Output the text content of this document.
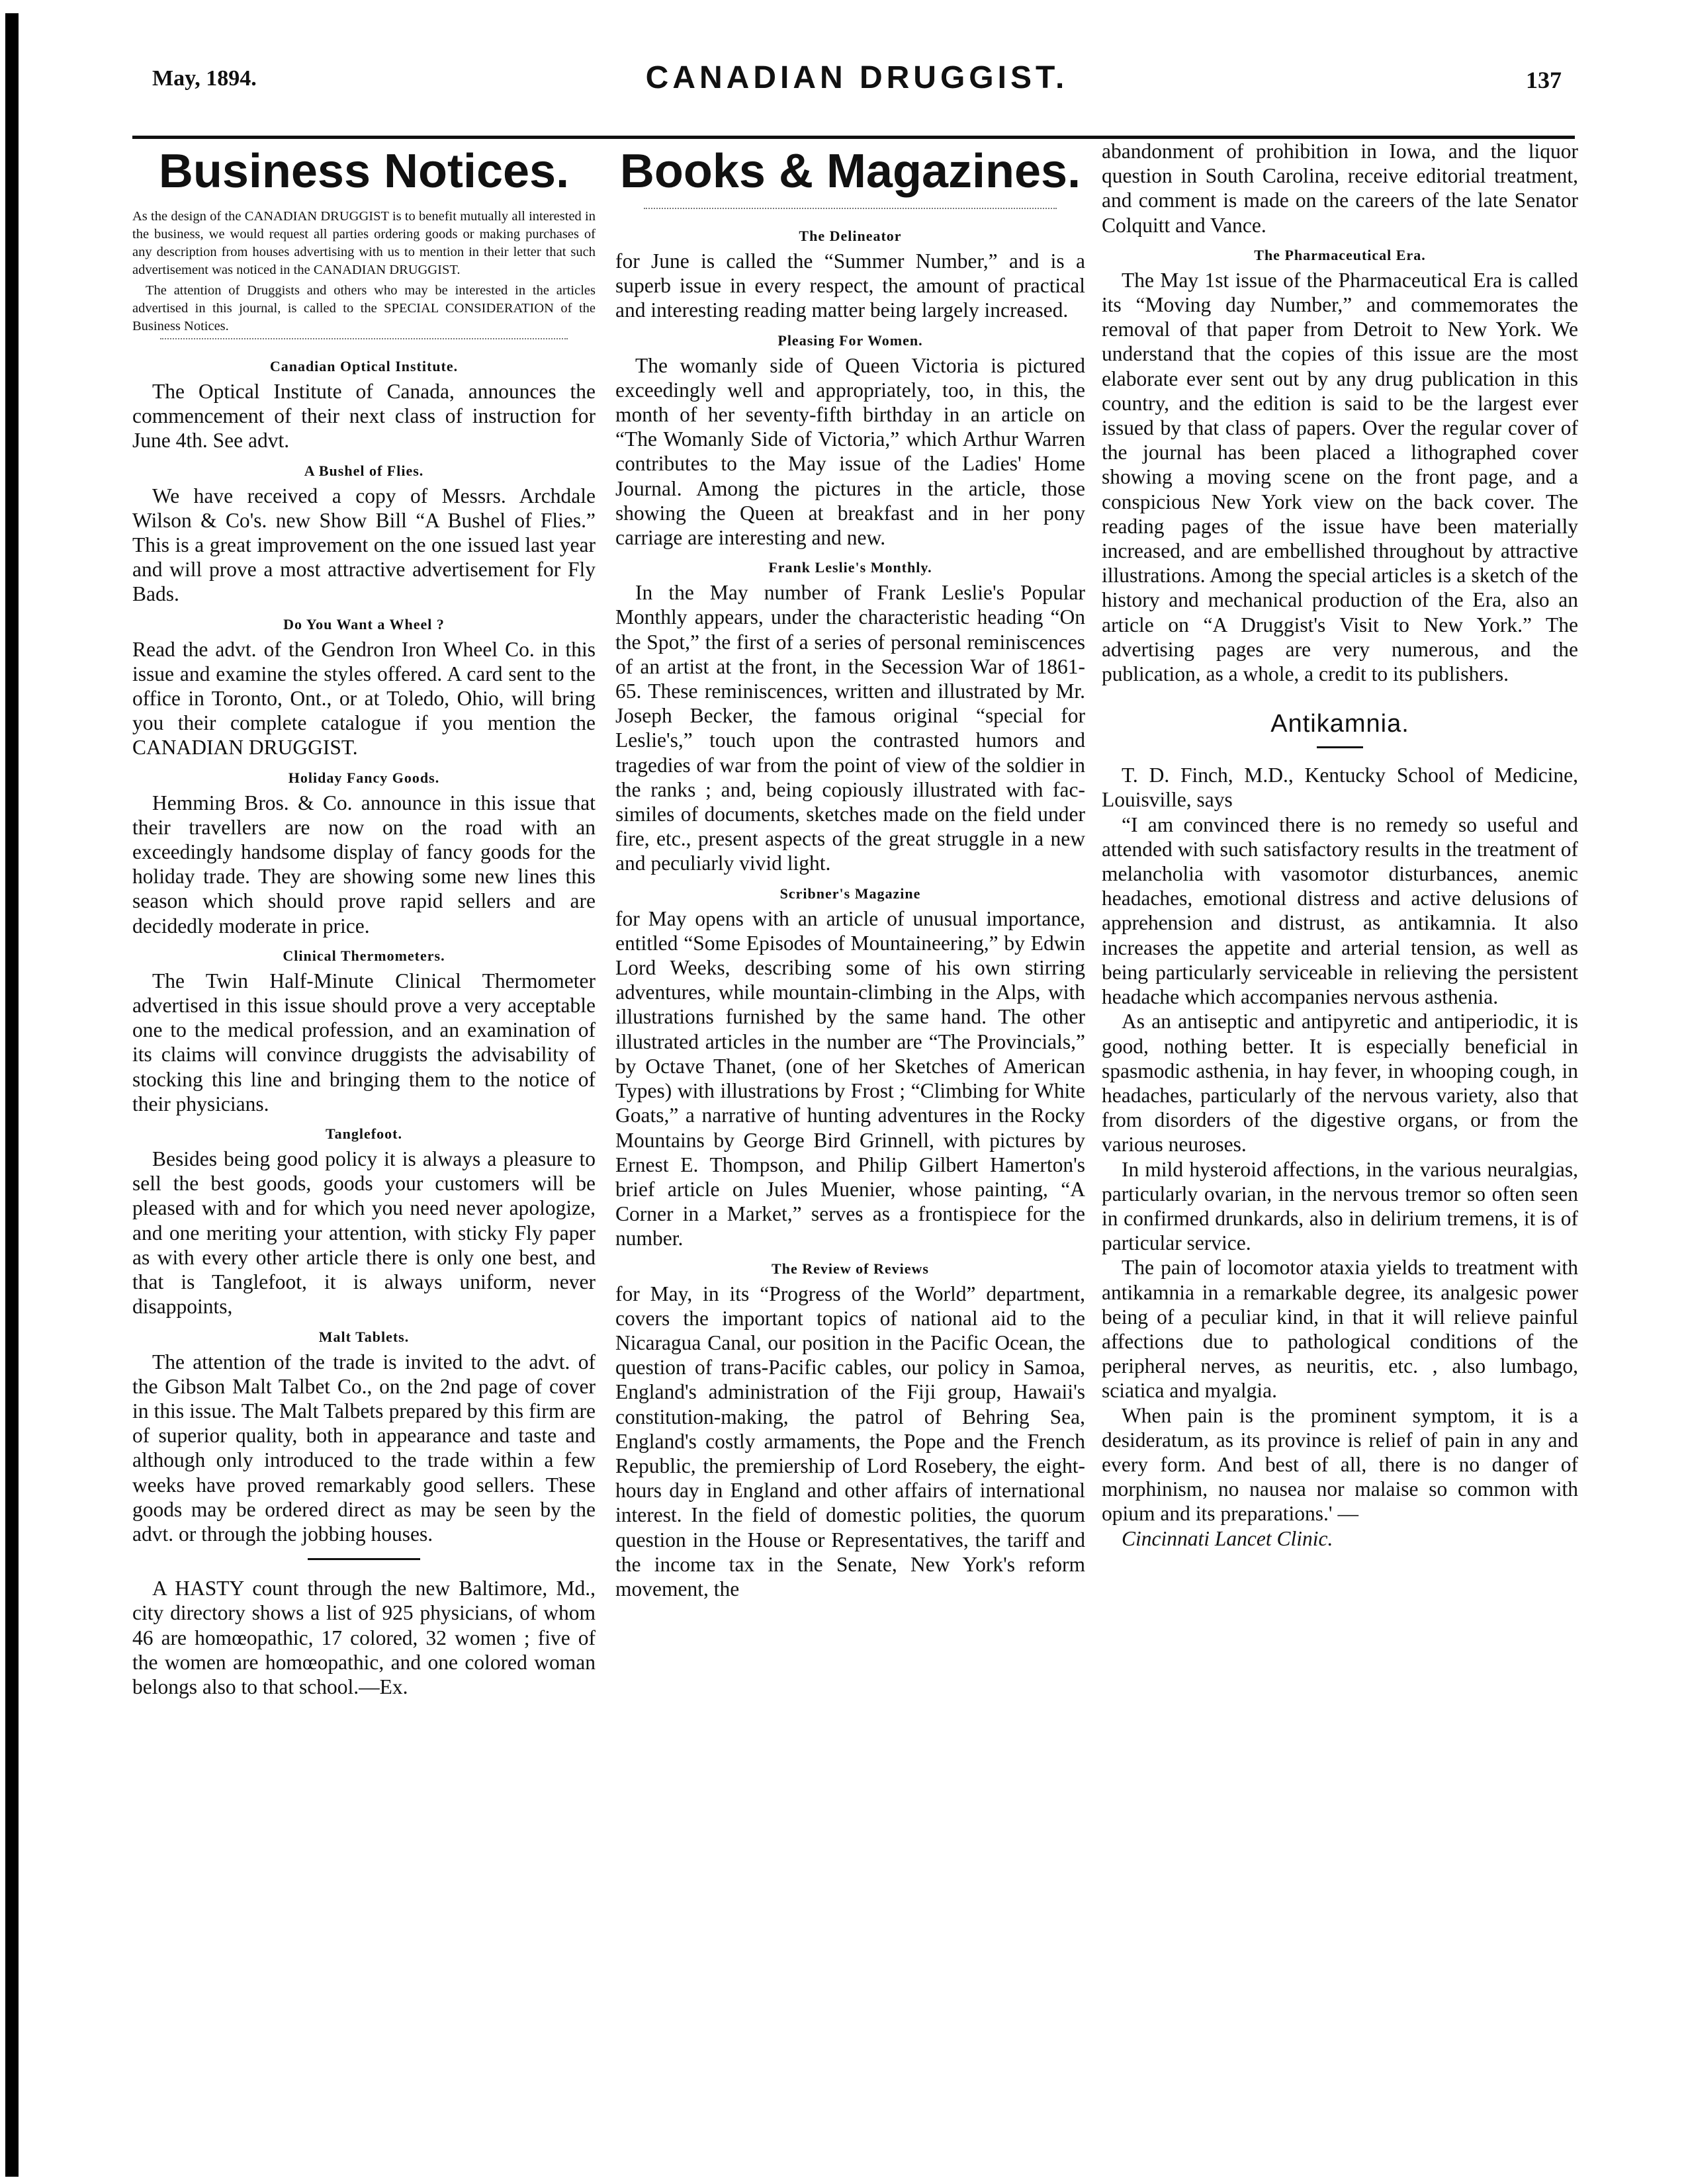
May, 1894.	CANADIAN DRUGGIST.	137
Business Notices.

As the design of the CANADIAN DRUGGIST is to benefit mutually all interested in the business, we would request all parties ordering goods or making purchases of any description from houses advertising with us to mention in their letter that such advertisement was noticed in the CANADIAN DRUGGIST.

The attention of Druggists and others who may be interested in the articles advertised in this journal, is called to the SPECIAL CONSIDERATION of the Business Notices.

Canadian Optical Institute.

The Optical Institute of Canada, announces the commencement of their next class of instruction for June 4th. See advt.

A Bushel of Flies.

We have received a copy of Messrs. Archdale Wilson & Co's. new Show Bill “A Bushel of Flies.” This is a great improvement on the one issued last year and will prove a most attractive advertisement for Fly Bads.

Do You Want a Wheel ?

Read the advt. of the Gendron Iron Wheel Co. in this issue and examine the styles offered. A card sent to the office in Toronto, Ont., or at Toledo, Ohio, will bring you their complete catalogue if you mention the CANADIAN DRUGGIST.

Holiday Fancy Goods.

Hemming Bros. & Co. announce in this issue that their travellers are now on the road with an exceedingly handsome display of fancy goods for the holiday trade. They are showing some new lines this season which should prove rapid sellers and are decidedly moderate in price.

Clinical Thermometers.

The Twin Half-Minute Clinical Thermometer advertised in this issue should prove a very acceptable one to the medical profession, and an examination of its claims will convince druggists the advisability of stocking this line and bringing them to the notice of their physicians.

Tanglefoot.

Besides being good policy it is always a pleasure to sell the best goods, goods your customers will be pleased with and for which you need never apologize, and one meriting your attention, with sticky Fly paper as with every other article there is only one best, and that is Tanglefoot, it is always uniform, never disappoints,

Malt Tablets.

The attention of the trade is invited to the advt. of the Gibson Malt Talbet Co., on the 2nd page of cover in this issue. The Malt Talbets prepared by this firm are of superior quality, both in appearance and taste and although only introduced to the trade within a few weeks have proved remarkably good sellers. These goods may be ordered direct as may be seen by the advt. or through the jobbing houses.

A HASTY count through the new Baltimore, Md., city directory shows a list of 925 physicians, of whom 46 are homœopathic, 17 colored, 32 women ; five of the women are homœopathic, and one colored woman belongs also to that school.—Ex.

Books & Magazines.
The Delineator

for June is called the “Summer Number,” and is a superb issue in every respect, the amount of practical and interesting reading matter being largely increased.

Pleasing For Women.

The womanly side of Queen Victoria is pictured exceedingly well and appropriately, too, in this, the month of her seventy-fifth birthday in an article on “The Womanly Side of Victoria,” which Arthur Warren contributes to the May issue of the Ladies' Home Journal. Among the pictures in the article, those showing the Queen at breakfast and in her pony carriage are interesting and new.

Frank Leslie's Monthly.

In the May number of Frank Leslie's Popular Monthly appears, under the characteristic heading “On the Spot,” the first of a series of personal reminiscences of an artist at the front, in the Secession War of 1861-65. These reminiscences, written and illustrated by Mr. Joseph Becker, the famous original “special for Leslie's,” touch upon the contrasted humors and tragedies of war from the point of view of the soldier in the ranks ; and, being copiously illustrated with fac-similes of documents, sketches made on the field under fire, etc., present aspects of the great struggle in a new and peculiarly vivid light.

Scribner's Magazine

for May opens with an article of unusual importance, entitled “Some Episodes of Mountaineering,” by Edwin Lord Weeks, describing some of his own stirring adventures, while mountain-climbing in the Alps, with illustrations furnished by the same hand. The other illustrated articles in the number are “The Provincials,” by Octave Thanet, (one of her Sketches of American Types) with illustrations by Frost ; “Climbing for White Goats,” a narrative of hunting adventures in the Rocky Mountains by George Bird Grinnell, with pictures by Ernest E. Thompson, and Philip Gilbert Hamerton's brief article on Jules Muenier, whose painting, “A Corner in a Market,” serves as a frontispiece for the number.

The Review of Reviews

for May, in its “Progress of the World” department, covers the important topics of national aid to the Nicaragua Canal, our position in the Pacific Ocean, the question of trans-Pacific cables, our policy in Samoa, England's administration of the Fiji group, Hawaii's constitution-making, the patrol of Behring Sea, England's costly armaments, the Pope and the French Republic, the premiership of Lord Rosebery, the eight-hours day in England and other affairs of international interest. In the field of domestic polities, the quorum question in the House or Representatives, the tariff and the income tax in the Senate, New York's reform movement, the

abandonment of prohibition in Iowa, and the liquor question in South Carolina, receive editorial treatment, and comment is made on the careers of the late Senator Colquitt and Vance.

The Pharmaceutical Era.

The May 1st issue of the Pharmaceutical Era is called its “Moving day Number,” and commemorates the removal of that paper from Detroit to New York. We understand that the copies of this issue are the most elaborate ever sent out by any drug publication in this country, and the edition is said to be the largest ever issued by that class of papers. Over the regular cover of the journal has been placed a lithographed cover showing a moving scene on the front page, and a conspicious New York view on the back cover. The reading pages of the issue have been materially increased, and are embellished throughout by attractive illustrations. Among the special articles is a sketch of the history and mechanical production of the Era, also an article on “A Druggist's Visit to New York.” The advertising pages are very numerous, and the publication, as a whole, a credit to its publishers.

Antikamnia.

T. D. Finch, M.D., Kentucky School of Medicine, Louisville, says

“I am convinced there is no remedy so useful and attended with such satisfactory results in the treatment of melancholia with vasomotor disturbances, anemic headaches, emotional distress and active delusions of apprehension and distrust, as antikamnia. It also increases the appetite and arterial tension, as well as being particularly serviceable in relieving the persistent headache which accompanies nervous asthenia.

As an antiseptic and antipyretic and antiperiodic, it is good, nothing better. It is especially beneficial in spasmodic asthenia, in hay fever, in whooping cough, in headaches, particularly of the nervous variety, also that from disorders of the digestive organs, or from the various neuroses.

In mild hysteroid affections, in the various neuralgias, particularly ovarian, in the nervous tremor so often seen in confirmed drunkards, also in delirium tremens, it is of particular service.

The pain of locomotor ataxia yields to treatment with antikamnia in a remarkable degree, its analgesic power being of a peculiar kind, in that it will relieve painful affections due to pathological conditions of the peripheral nerves, as neuritis, etc. , also lumbago, sciatica and myalgia.

When pain is the prominent symptom, it is a desideratum, as its province is relief of pain in any and every form. And best of all, there is no danger of morphinism, no nausea nor malaise so common with opium and its preparations.' —

Cincinnati Lancet Clinic.
